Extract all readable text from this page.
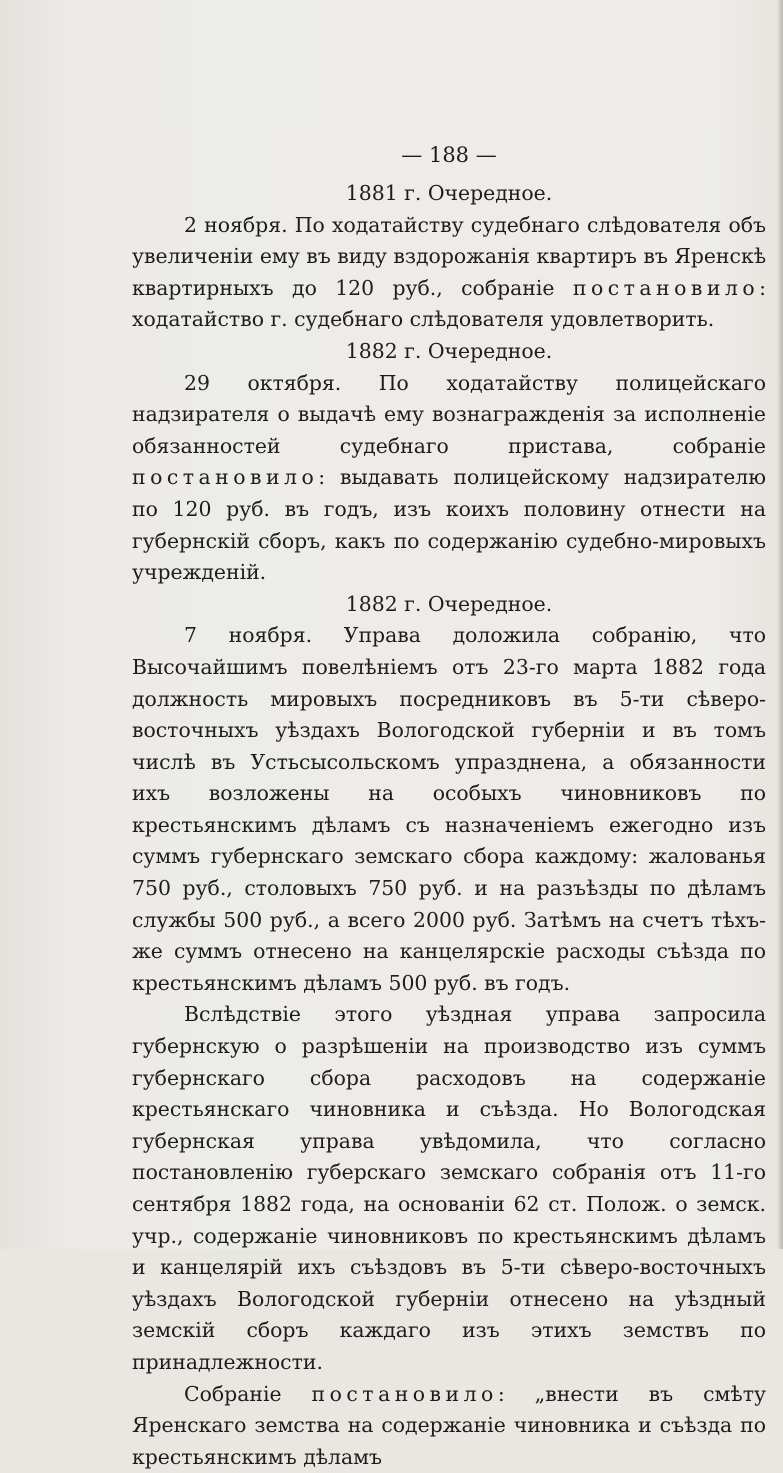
— 188 —
1881 г. Очередное.

2 ноября. По ходатайству судебнаго слѣдователя объ увеличеніи ему въ виду вздорожанія квартиръ въ Яренскѣ квартирныхъ до 120 руб., собраніе постановило: ходатайство г. судебнаго слѣдователя удовлетворить.

1882 г. Очередное.

29 октября. По ходатайству полицейскаго надзирателя о выдачѣ ему вознагражденія за исполненіе обязанностей судебнаго пристава, собраніе постановило: выдавать полицейскому надзирателю по 120 руб. въ годъ, изъ коихъ половину отнести на губернскій сборъ, какъ по содержанію судебно-мировыхъ учрежденій.

1882 г. Очередное.

7 ноября. Управа доложила собранію, что Высочайшимъ повелѣніемъ отъ 23-го марта 1882 года должность мировыхъ посредниковъ въ 5-ти сѣверо-восточныхъ уѣздахъ Вологодской губерніи и въ томъ числѣ въ Устьсысольскомъ упразднена, а обязанности ихъ возложены на особыхъ чиновниковъ по крестьянскимъ дѣламъ съ назначеніемъ ежегодно изъ суммъ губернскаго земскаго сбора каждому: жалованья 750 руб., столовыхъ 750 руб. и на разъѣзды по дѣламъ службы 500 руб., а всего 2000 руб. Затѣмъ на счетъ тѣхъ-же суммъ отнесено на канцелярскіе расходы съѣзда по крестьянскимъ дѣламъ 500 руб. въ годъ.

Вслѣдствіе этого уѣздная управа запросила губернскую о разрѣшеніи на производство изъ суммъ губернскаго сбора расходовъ на содержаніе крестьянскаго чиновника и съѣзда. Но Вологодская губернская управа увѣдомила, что согласно постановленію губерскаго земскаго собранія отъ 11-го сентября 1882 года, на основаніи 62 ст. Полож. о земск. учр., содержаніе чиновниковъ по крестьянскимъ дѣламъ и канцелярій ихъ съѣздовъ въ 5-ти сѣверо-восточныхъ уѣздахъ Вологодской губерніи отнесено на уѣздный земскій сборъ каждаго изъ этихъ земствъ по принадлежности.

Собраніе постановило: „внести въ смѣту Яренскаго земства на содержаніе чиновника и съѣзда по крестьянскимъ дѣламъ
